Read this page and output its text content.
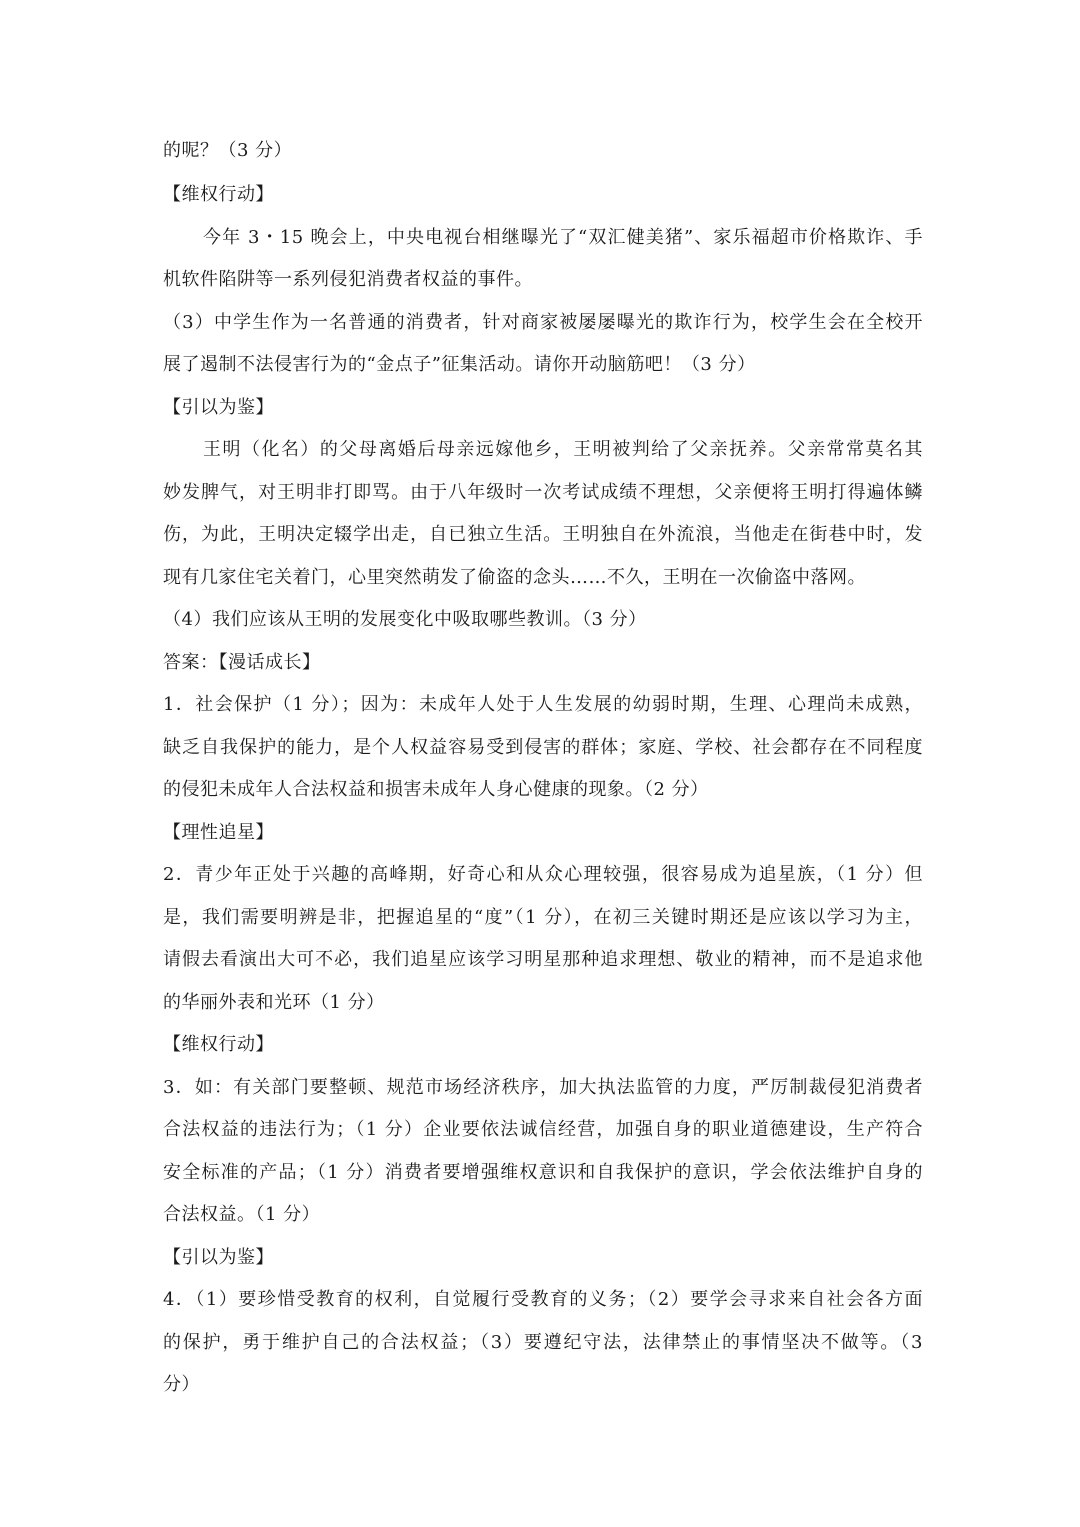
的呢？（3 分）
【维权行动】
今年 3・15 晚会上，中央电视台相继曝光了“双汇健美猪”、家乐福超市价格欺诈、手
机软件陷阱等一系列侵犯消费者权益的事件。
（3）中学生作为一名普通的消费者，针对商家被屡屡曝光的欺诈行为，校学生会在全校开
展了遏制不法侵害行为的“金点子”征集活动。请你开动脑筋吧！（3 分）
【引以为鉴】
王明（化名）的父母离婚后母亲远嫁他乡，王明被判给了父亲抚养。父亲常常莫名其
妙发脾气，对王明非打即骂。由于八年级时一次考试成绩不理想，父亲便将王明打得遍体鳞
伤，为此，王明决定辍学出走，自已独立生活。王明独自在外流浪，当他走在街巷中时，发
现有几家住宅关着门，心里突然萌发了偷盗的念头……不久，王明在一次偷盗中落网。
（4）我们应该从王明的发展变化中吸取哪些教训。（3 分）
答案：【漫话成长】
1．社会保护（1 分）；因为：未成年人处于人生发展的幼弱时期，生理、心理尚未成熟，
缺乏自我保护的能力，是个人权益容易受到侵害的群体；家庭、学校、社会都存在不同程度
的侵犯未成年人合法权益和损害未成年人身心健康的现象。（2 分）
【理性追星】
2．青少年正处于兴趣的高峰期，好奇心和从众心理较强，很容易成为追星族，（1 分）但
是，我们需要明辨是非，把握追星的“度”（1 分），在初三关键时期还是应该以学习为主，
请假去看演出大可不必，我们追星应该学习明星那种追求理想、敬业的精神，而不是追求他
的华丽外表和光环（1 分）
【维权行动】
3．如：有关部门要整顿、规范市场经济秩序，加大执法监管的力度，严厉制裁侵犯消费者
合法权益的违法行为；（1 分）企业要依法诚信经营，加强自身的职业道德建设，生产符合
安全标准的产品；（1 分）消费者要增强维权意识和自我保护的意识，学会依法维护自身的
合法权益。（1 分）
【引以为鉴】
4．（1）要珍惜受教育的权利，自觉履行受教育的义务；（2）要学会寻求来自社会各方面
的保护，勇于维护自己的合法权益；（3）要遵纪守法，法律禁止的事情坚决不做等。（3
分）
